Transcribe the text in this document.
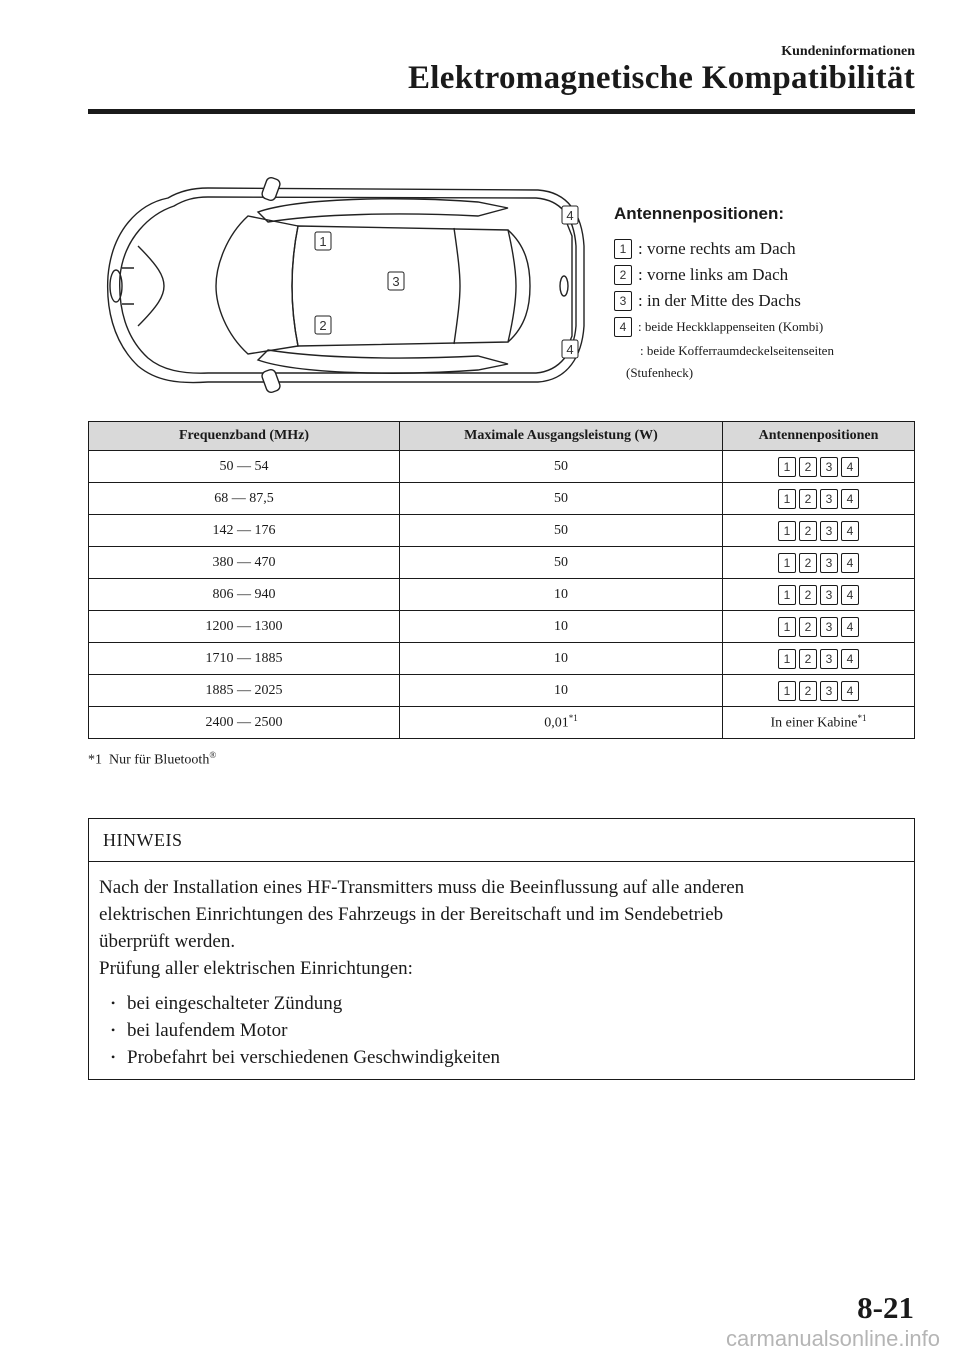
Kundeninformationen
Elektromagnetische Kompatibilität
1
2
3
4
4
Antennenpositionen:
1 : vorne rechts am Dach
2 : vorne links am Dach
3 : in der Mitte des Dachs
4 : beide Heckklappenseiten (Kombi)
: beide Kofferraumdeckelseitenseiten
(Stufenheck)
Frequenzband (MHz)	Maximale Ausgangsleistung (W)	Antennenpositionen
50 — 54	50	1 2 3 4

68 — 87,5	50	1 2 3 4

142 — 176	50	1 2 3 4

380 — 470	50	1 2 3 4

806 — 940	10	1 2 3 4

1200 — 1300	10	1 2 3 4

1710 — 1885	10	1 2 3 4

1885 — 2025	10	1 2 3 4

2400 — 2500	0,01$^{*1}$	In einer Kabine$^{*1}$
*1 Nur für Bluetooth®
HINWEIS
Nach der Installation eines HF-Transmitters muss die Beeinflussung auf alle anderen
elektrischen Einrichtungen des Fahrzeugs in der Bereitschaft und im Sendebetrieb
überprüft werden.
Prüfung aller elektrischen Einrichtungen:
• bei eingeschalteter Zündung
• bei laufendem Motor
• Probefahrt bei verschiedenen Geschwindigkeiten
8-21
carmanualsonline.info
